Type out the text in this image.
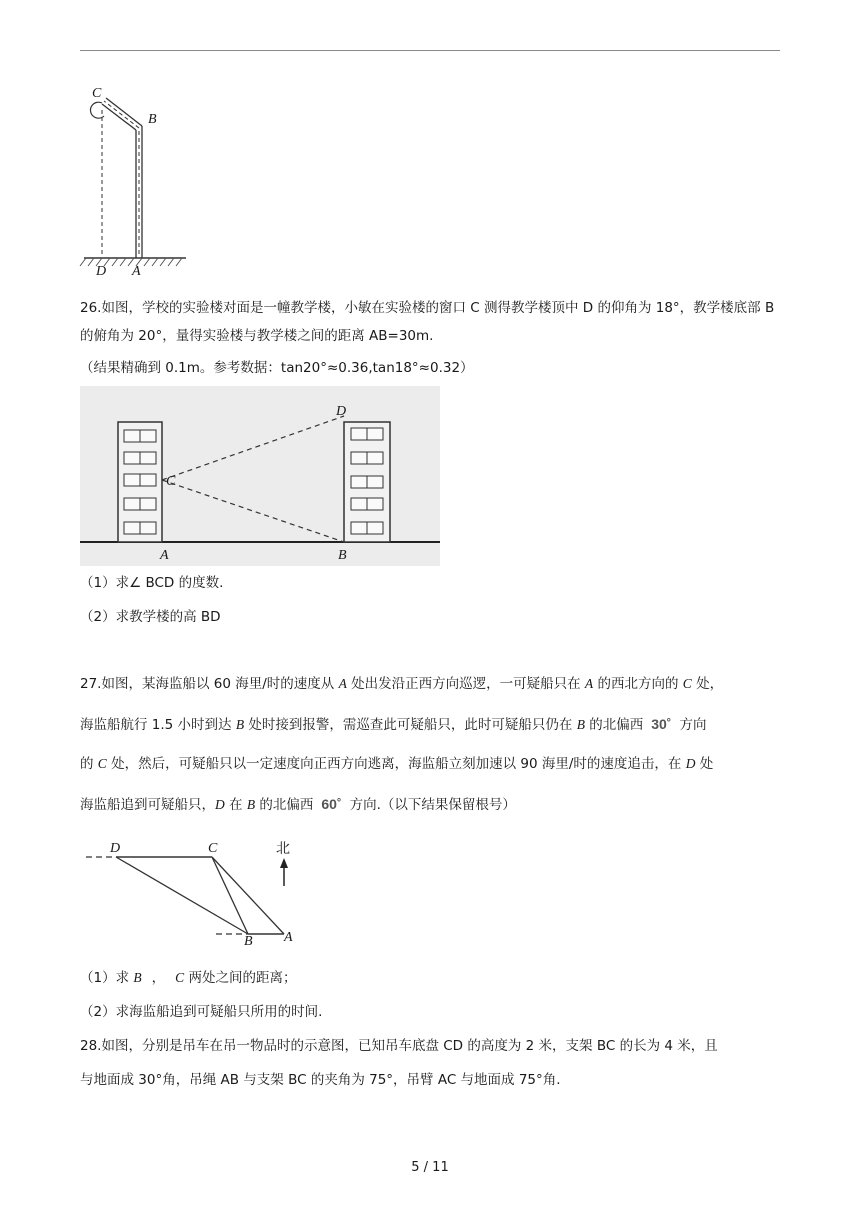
C
B
D A
26.如图，学校的实验楼对面是一幢教学楼，小敏在实验楼的窗口 C 测得教学楼顶中 D 的仰角为 18°，教学楼底部 B 的俯角为 20°，量得实验楼与教学楼之间的距离 AB=30m.
（结果精确到 0.1m。参考数据：tan20°≈0.36,tan18°≈0.32）
D
C
A	B
（1）求∠ BCD 的度数.
（2）求教学楼的高 BD
27.如图，某海监船以 60 海里/时的速度从 A 处出发沿正西方向巡逻，一可疑船只在 A 的西北方向的 C 处，
海监船航行 1.5 小时到达 B 处时接到报警，需巡查此可疑船只，此时可疑船只仍在 B 的北偏西 30˚ 方向
的 C 处，然后，可疑船只以一定速度向正西方向逃离，海监船立刻加速以 90 海里/时的速度追击，在 D 处
海监船追到可疑船只，D 在 B 的北偏西 60˚ 方向.（以下结果保留根号）
D	C
B A
北
（1）求 B ， C 两处之间的距离；
（2）求海监船追到可疑船只所用的时间.
28.如图，分别是吊车在吊一物品时的示意图，已知吊车底盘 CD 的高度为 2 米，支架 BC 的长为 4 米，且
与地面成 30°角，吊绳 AB 与支架 BC 的夹角为 75°，吊臂 AC 与地面成 75°角.
5 / 11
